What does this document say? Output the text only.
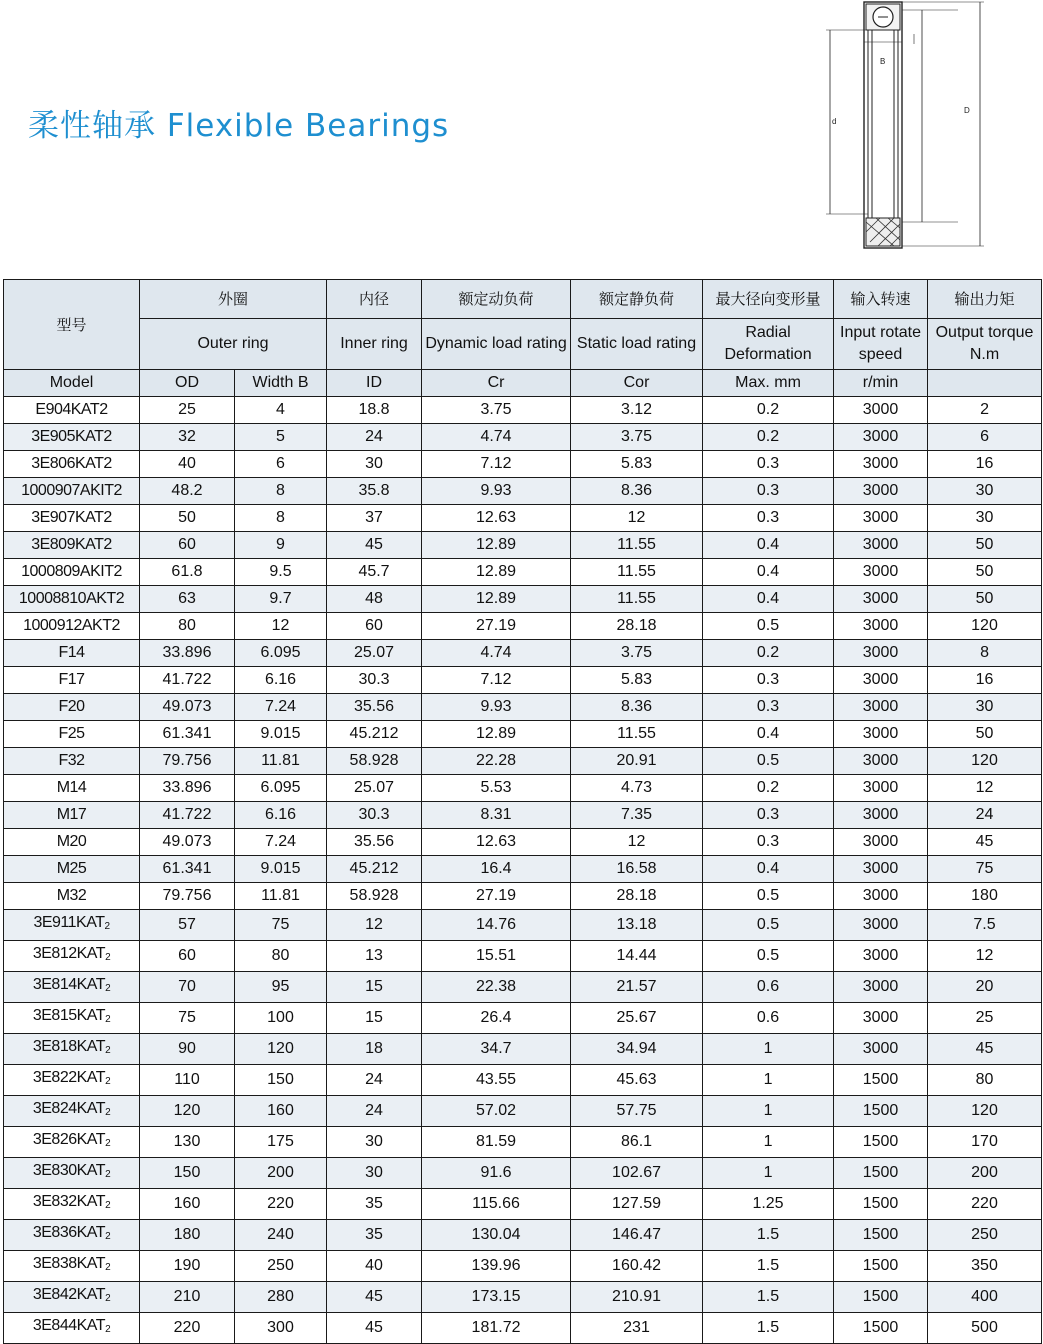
柔性轴承 Flexible Bearings
B
d
D
型号	外圈		内径	额定动负荷	额定静负荷	最大径向变形量	输入转速	输出力矩
	Outer ring		Inner ring	Dynamic load rating	Static load rating	Radial Deformation	Input rotate speed	Output torque N.m
Model	OD	Width B	ID	Cr	Cor	Max. mm	r/min	
E904KAT2	25	4	18.8	3.75	3.12	0.2	3000	2
3E905KAT2	32	5	24	4.74	3.75	0.2	3000	6
3E806KAT2	40	6	30	7.12	5.83	0.3	3000	16
1000907AKIT2	48.2	8	35.8	9.93	8.36	0.3	3000	30
3E907KAT2	50	8	37	12.63	12	0.3	3000	30
3E809KAT2	60	9	45	12.89	11.55	0.4	3000	50
1000809AKIT2	61.8	9.5	45.7	12.89	11.55	0.4	3000	50
10008810AKT2	63	9.7	48	12.89	11.55	0.4	3000	50
1000912AKT2	80	12	60	27.19	28.18	0.5	3000	120
F14	33.896	6.095	25.07	4.74	3.75	0.2	3000	8
F17	41.722	6.16	30.3	7.12	5.83	0.3	3000	16
F20	49.073	7.24	35.56	9.93	8.36	0.3	3000	30
F25	61.341	9.015	45.212	12.89	11.55	0.4	3000	50
F32	79.756	11.81	58.928	22.28	20.91	0.5	3000	120
M14	33.896	6.095	25.07	5.53	4.73	0.2	3000	12
M17	41.722	6.16	30.3	8.31	7.35	0.3	3000	24
M20	49.073	7.24	35.56	12.63	12	0.3	3000	45
M25	61.341	9.015	45.212	16.4	16.58	0.4	3000	75
M32	79.756	11.81	58.928	27.19	28.18	0.5	3000	180
$3E911KAT_2$	57	75	12	14.76	13.18	0.5	3000	7.5
$3E812KAT_2$	60	80	13	15.51	14.44	0.5	3000	12
$3E814KAT_2$	70	95	15	22.38	21.57	0.6	3000	20
$3E815KAT_2$	75	100	15	26.4	25.67	0.6	3000	25
$3E818KAT_2$	90	120	18	34.7	34.94	1	3000	45
$3E822KAT_2$	110	150	24	43.55	45.63	1	1500	80
$3E824KAT_2$	120	160	24	57.02	57.75	1	1500	120
$3E826KAT_2$	130	175	30	81.59	86.1	1	1500	170
$3E830KAT_2$	150	200	30	91.6	102.67	1	1500	200
$3E832KAT_2$	160	220	35	115.66	127.59	1.25	1500	220
$3E836KAT_2$	180	240	35	130.04	146.47	1.5	1500	250
$3E838KAT_2$	190	250	40	139.96	160.42	1.5	1500	350
$3E842KAT_2$	210	280	45	173.15	210.91	1.5	1500	400
$3E844KAT_2$	220	300	45	181.72	231	1.5	1500	500
